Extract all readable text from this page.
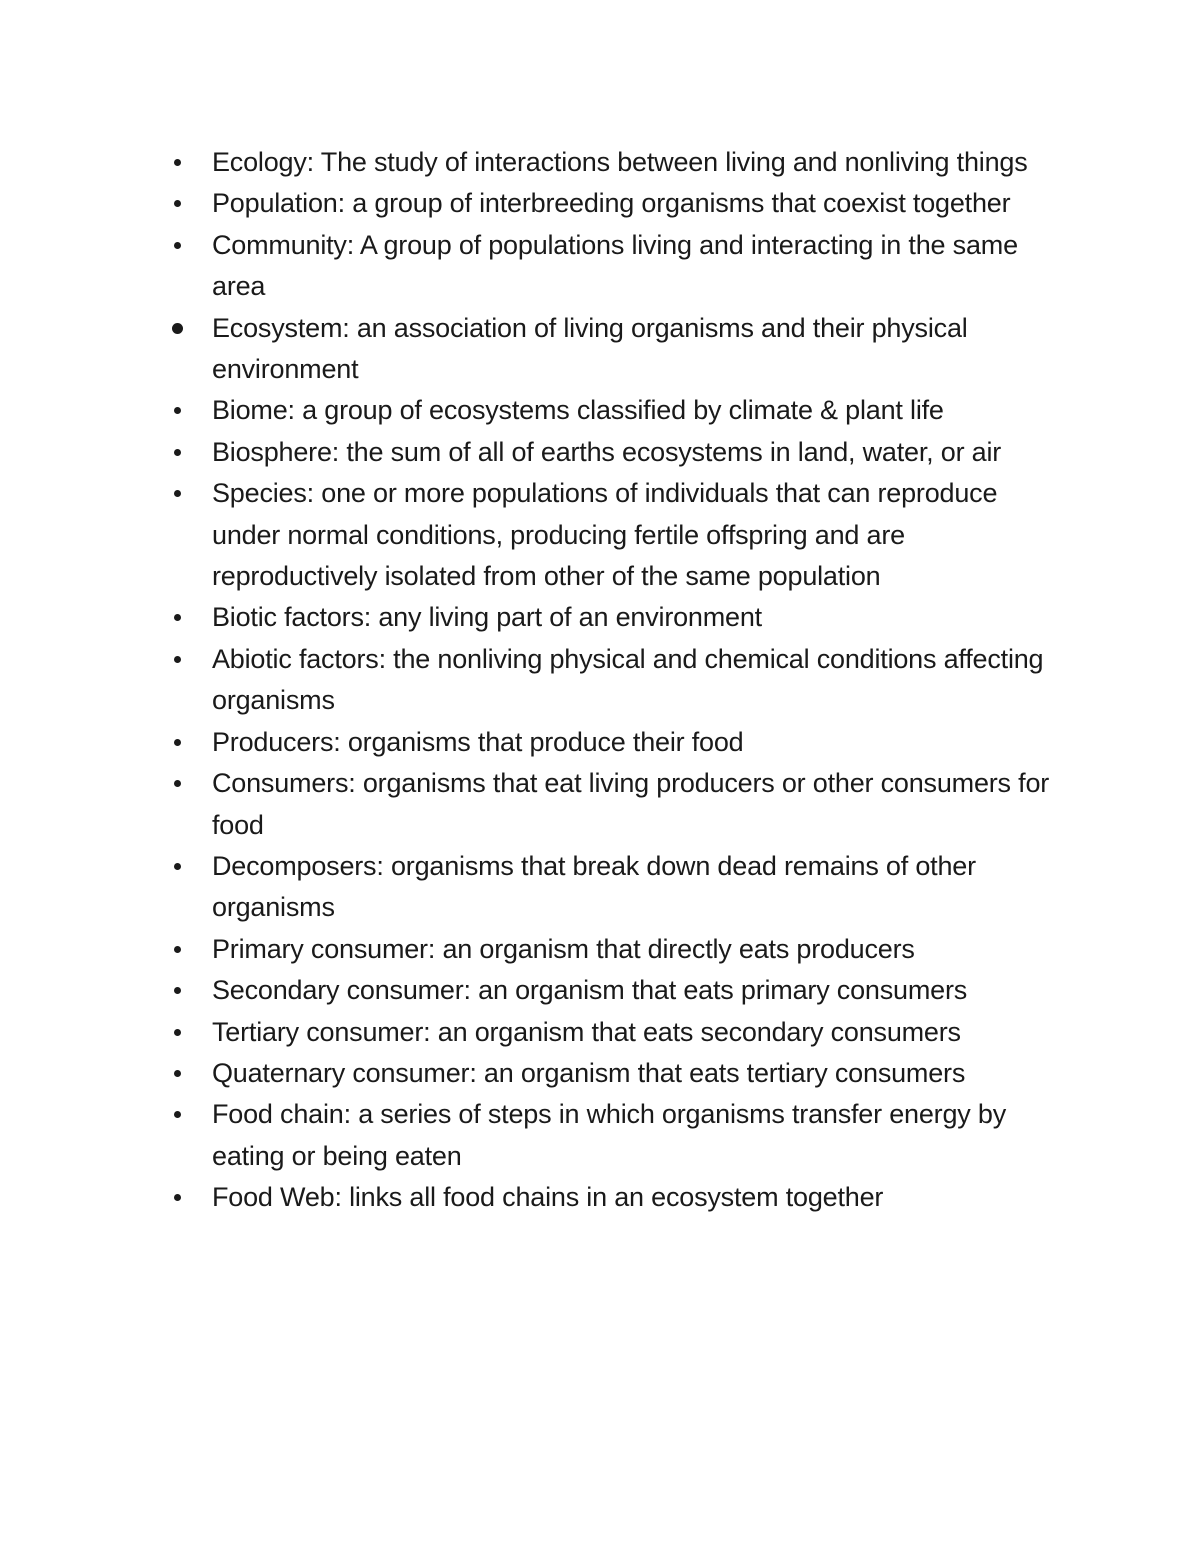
Ecology: The study of interactions between living and nonliving things
Population: a group of interbreeding organisms that coexist together
Community: A group of populations living and interacting in the same area
Ecosystem: an association of living organisms and their physical environment
Biome: a group of ecosystems classified by climate & plant life
Biosphere: the sum of all of earths ecosystems in land, water, or air
Species: one or more populations of individuals that can reproduce under normal conditions, producing fertile offspring and are reproductively isolated from other of the same population
Biotic factors: any living part of an environment
Abiotic factors: the nonliving physical and chemical conditions affecting organisms
Producers: organisms that produce their food
Consumers: organisms that eat living producers or other consumers for food
Decomposers: organisms that break down dead remains of other organisms
Primary consumer: an organism that directly eats producers
Secondary consumer: an organism that eats primary consumers
Tertiary consumer: an organism that eats secondary consumers
Quaternary consumer: an organism that eats tertiary consumers
Food chain: a series of steps in which organisms transfer energy by eating or being eaten
Food Web: links all food chains in an ecosystem together
